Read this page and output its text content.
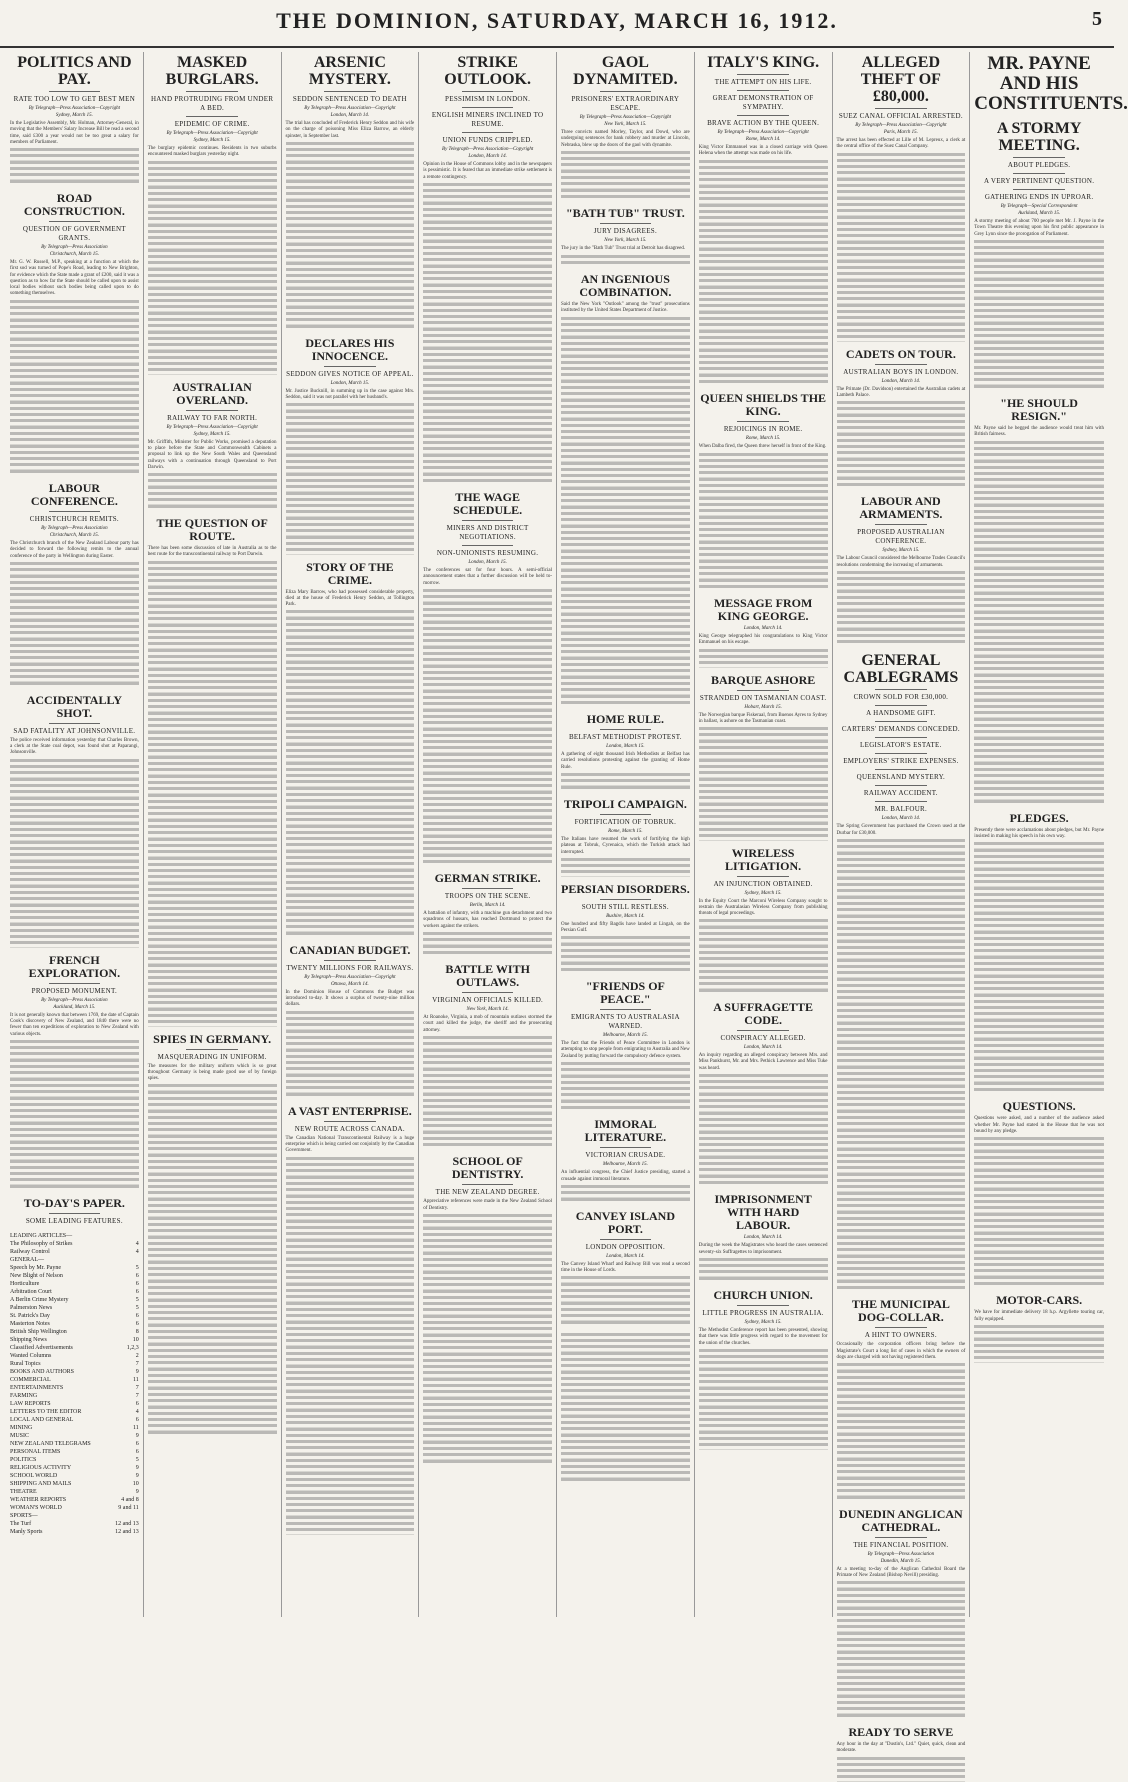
THE DOMINION, SATURDAY, MARCH 16, 1912.	5
POLITICS AND PAY.
RATE TOO LOW TO GET BEST MEN
By Telegraph—Press Association—Copyright
Sydney, March 15.
In the Legislative Assembly, Mr. Holman, Attorney-General, in moving that the Members' Salary Increase Bill be read a second time, said £300 a year would not be too great a salary for members of Parliament.
ROAD CONSTRUCTION.
QUESTION OF GOVERNMENT GRANTS.
By Telegraph—Press Association
Christchurch, March 15.
Mr. G. W. Russell, M.P., speaking at a function at which the first sod was turned of Pope's Road, leading to New Brighton, for evidence which the State made a grant of £200, said it was a question as to how far the State should be called upon to assist local bodies without such bodies being called upon to do something themselves.
LABOUR CONFERENCE.
CHRISTCHURCH REMITS.
By Telegraph—Press Association
Christchurch, March 15.
The Christchurch branch of the New Zealand Labour party has decided to forward the following remits to the annual conference of the party in Wellington during Easter.
ACCIDENTALLY SHOT.
SAD FATALITY AT JOHNSONVILLE.
The police received information yesterday that Charles Brown, a clerk at the State coal depot, was found shot at Paparangi, Johnsonville.
FRENCH EXPLORATION.
PROPOSED MONUMENT.
By Telegraph—Press Association
Auckland, March 15.
It is not generally known that between 1769, the date of Captain Cook's discovery of New Zealand, and 1840 there were no fewer than ten expeditions of exploration to New Zealand with various objects.
TO-DAY'S PAPER.
SOME LEADING FEATURES.
LEADING ARTICLES—
The Philosophy of Strikes	4
Railway Control	4
GENERAL—
Speech by Mr. Payne	5
New Blight of Nelson	6
Horticulture	6
Arbitration Court	6
A Berlin Crime Mystery	5
Palmerston News	5
St. Patrick's Day	6
Masterton Notes	6
British Ship Wellington	8
Shipping News	10
Classified Advertisements	1,2,3
Wanted Columns	2
Rural Topics	7
BOOKS AND AUTHORS	9
COMMERCIAL	11
ENTERTAINMENTS	7
FARMING	7
LAW REPORTS	6
LETTERS TO THE EDITOR	4
LOCAL AND GENERAL	6
MINING	11
MUSIC	9
NEW ZEALAND TELEGRAMS	6
PERSONAL ITEMS	6
POLITICS	5
RELIGIOUS ACTIVITY	9
SCHOOL WORLD	9
SHIPPING AND MAILS	10
THEATRE	9
WEATHER REPORTS	4 and 8
WOMAN'S WORLD	9 and 11
SPORTS—
The Turf	12 and 13
Manly Sports	12 and 13
MASKED BURGLARS.
HAND PROTRUDING FROM UNDER A BED.
EPIDEMIC OF CRIME.
By Telegraph—Press Association—Copyright
Sydney, March 15.
The burglary epidemic continues. Residents in two suburbs encountered masked burglars yesterday night.
AUSTRALIAN OVERLAND.
RAILWAY TO FAR NORTH.
By Telegraph—Press Association—Copyright
Sydney, March 15.
Mr. Griffith, Minister for Public Works, promised a deputation to place before the State and Commonwealth Cabinets a proposal to link up the New South Wales and Queensland railways with a continuation through Queensland to Port Darwin.
THE QUESTION OF ROUTE.
There has been some discussion of late in Australia as to the best route for the transcontinental railway to Port Darwin.
SPIES IN GERMANY.
MASQUERADING IN UNIFORM.
The measures for the military uniform which is so great throughout Germany is being made good use of by foreign spies.
ARSENIC MYSTERY.
SEDDON SENTENCED TO DEATH
By Telegraph—Press Association—Copyright
London, March 14.
The trial has concluded of Frederick Henry Seddon and his wife on the charge of poisoning Miss Eliza Barrow, an elderly spinster, in September last.
DECLARES HIS INNOCENCE.
SEDDON GIVES NOTICE OF APPEAL.
London, March 15.
Mr. Justice Bucknill, in summing up in the case against Mrs. Seddon, said it was not parallel with her husband's.
STORY OF THE CRIME.
Eliza Mary Barrow, who had possessed considerable property, died at the house of Frederick Henry Seddon, at Tollington Park.
CANADIAN BUDGET.
TWENTY MILLIONS FOR RAILWAYS.
By Telegraph—Press Association—Copyright
Ottawa, March 14.
In the Dominion House of Commons the Budget was introduced to-day. It shows a surplus of twenty-nine million dollars.
A VAST ENTERPRISE.
NEW ROUTE ACROSS CANADA.
The Canadian National Transcontinental Railway is a huge enterprise which is being carried out conjointly by the Canadian Government.
STRIKE OUTLOOK.
PESSIMISM IN LONDON.
ENGLISH MINERS INCLINED TO RESUME.
UNION FUNDS CRIPPLED.
By Telegraph—Press Association—Copyright
London, March 14.
Opinion in the House of Commons lobby and in the newspapers is pessimistic. It is feared that an immediate strike settlement is a remote contingency.
THE WAGE SCHEDULE.
MINERS AND DISTRICT NEGOTIATIONS.
NON-UNIONISTS RESUMING.
London, March 15.
The conferences sat for four hours. A semi-official announcement states that a further discussion will be held to-morrow.
GERMAN STRIKE.
TROOPS ON THE SCENE.
Berlin, March 14.
A battalion of infantry, with a machine gun detachment and two squadrons of hussars, has reached Dortmund to protect the workers against the strikers.
BATTLE WITH OUTLAWS.
VIRGINIAN OFFICIALS KILLED.
New York, March 14.
At Roanoke, Virginia, a mob of mountain outlaws stormed the court and killed the judge, the sheriff and the prosecuting attorney.
SCHOOL OF DENTISTRY.
THE NEW ZEALAND DEGREE.
Appreciative references were made in the New Zealand School of Dentistry.
GAOL DYNAMITED.
PRISONERS' EXTRAORDINARY ESCAPE.
By Telegraph—Press Association—Copyright
New York, March 15.
Three convicts named Morley, Taylor, and Dowd, who are undergoing sentences for bank robbery and murder at Lincoln, Nebraska, blew up the doors of the gaol with dynamite.
"BATH TUB" TRUST.
JURY DISAGREES.
New York, March 15.
The jury in the "Bath Tub" Trust trial at Detroit has disagreed.
AN INGENIOUS COMBINATION.
Said the New York "Outlook" among the "trust" prosecutions instituted by the United States Department of Justice.
HOME RULE.
BELFAST METHODIST PROTEST.
London, March 15.
A gathering of eight thousand Irish Methodists at Belfast has carried resolutions protesting against the granting of Home Rule.
TRIPOLI CAMPAIGN.
FORTIFICATION OF TOBRUK.
Rome, March 15.
The Italians have resumed the work of fortifying the high plateau at Tobruk, Cyrenaica, which the Turkish attack had interrupted.
PERSIAN DISORDERS.
SOUTH STILL RESTLESS.
Bushire, March 14.
One hundred and fifty Bagdis have landed at Lingah, on the Persian Gulf.
"FRIENDS OF PEACE."
EMIGRANTS TO AUSTRALASIA WARNED.
Melbourne, March 15.
The fact that the Friends of Peace Committee in London is attempting to stop people from emigrating to Australia and New Zealand by putting forward the compulsory defence system.
IMMORAL LITERATURE.
VICTORIAN CRUSADE.
Melbourne, March 15.
An influential congress, the Chief Justice presiding, started a crusade against immoral literature.
CANVEY ISLAND PORT.
LONDON OPPOSITION.
London, March 14.
The Canvey Island Wharf and Railway Bill was read a second time in the House of Lords.
ITALY'S KING.
THE ATTEMPT ON HIS LIFE.
GREAT DEMONSTRATION OF SYMPATHY.
BRAVE ACTION BY THE QUEEN.
By Telegraph—Press Association—Copyright
Rome, March 14.
King Victor Emmanuel was in a closed carriage with Queen Helena when the attempt was made on his life.
QUEEN SHIELDS THE KING.
REJOICINGS IN ROME.
Rome, March 15.
When Dalba fired, the Queen threw herself in front of the King.
MESSAGE FROM KING GEORGE.
London, March 14.
King George telegraphed his congratulations to King Victor Emmanuel on his escape.
BARQUE ASHORE
STRANDED ON TASMANIAN COAST.
Hobart, March 15.
The Norwegian barque Fiskeraal, from Buenos Ayres to Sydney in ballast, is ashore on the Tasmanian coast.
WIRELESS LITIGATION.
AN INJUNCTION OBTAINED.
Sydney, March 15.
In the Equity Court the Marconi Wireless Company sought to restrain the Australasian Wireless Company from publishing threats of legal proceedings.
A SUFFRAGETTE CODE.
CONSPIRACY ALLEGED.
London, March 14.
An inquiry regarding an alleged conspiracy between Mrs. and Miss Pankhurst, Mr. and Mrs. Pethick Lawrence and Miss Tuke was heard.
IMPRISONMENT WITH HARD LABOUR.
London, March 14.
During the week the Magistrates who heard the cases sentenced seventy-six Suffragettes to imprisonment.
CHURCH UNION.
LITTLE PROGRESS IN AUSTRALIA.
Sydney, March 15.
The Methodist Conference report has been presented, showing that there was little progress with regard to the movement for the union of the churches.
ALLEGED THEFT OF £80,000.
SUEZ CANAL OFFICIAL ARRESTED.
By Telegraph—Press Association—Copyright
Paris, March 15.
The arrest has been effected at Lille of M. Lepreux, a clerk at the central office of the Suez Canal Company.
CADETS ON TOUR.
AUSTRALIAN BOYS IN LONDON.
London, March 14.
The Primate (Dr. Davidson) entertained the Australian cadets at Lambeth Palace.
LABOUR AND ARMAMENTS.
PROPOSED AUSTRALIAN CONFERENCE.
Sydney, March 15.
The Labour Council considered the Melbourne Trades Council's resolutions condemning the increasing of armaments.
GENERAL CABLEGRAMS
CROWN SOLD FOR £30,000.
A HANDSOME GIFT.
CARTERS' DEMANDS CONCEDED.
LEGISLATOR'S ESTATE.
EMPLOYERS' STRIKE EXPENSES.
QUEENSLAND MYSTERY.
RAILWAY ACCIDENT.
MR. BALFOUR.
London, March 14.
The Spring Government has purchased the Crown used at the Durbar for £30,000.
THE MUNICIPAL DOG-COLLAR.
A HINT TO OWNERS.
Occasionally the corporation officers bring before the Magistrate's Court a long list of cases in which the owners of dogs are charged with not having registered them.
DUNEDIN ANGLICAN CATHEDRAL.
THE FINANCIAL POSITION.
By Telegraph—Press Association
Dunedin, March 15.
At a meeting to-day of the Anglican Cathedral Board the Primate of New Zealand (Bishop Nevill) presiding.
READY TO SERVE
Any hour in the day at "Dustin's, Ltd." Quiet, quick, clean and moderate.
MR. PAYNE AND HIS CONSTITUENTS.
A STORMY MEETING.
ABOUT PLEDGES.
A VERY PERTINENT QUESTION.
GATHERING ENDS IN UPROAR.
By Telegraph—Special Correspondent
Auckland, March 15.
A stormy meeting of about 700 people met Mr. J. Payne in the Town Theatre this evening upon his first public appearance in Grey Lynn since the prorogation of Parliament.
"HE SHOULD RESIGN."
Mr. Payne said he begged the audience would treat him with British fairness.
PLEDGES.
Presently there were acclamations about pledges, but Mr. Payne insisted in making his speech in his own way.
QUESTIONS.
Questions were asked, and a number of the audience asked whether Mr. Payne had stated in the House that he was not bound by any pledge.
MOTOR-CARS.
We have for immediate delivery 18 h.p. Argyllette touring car, fully equipped.
